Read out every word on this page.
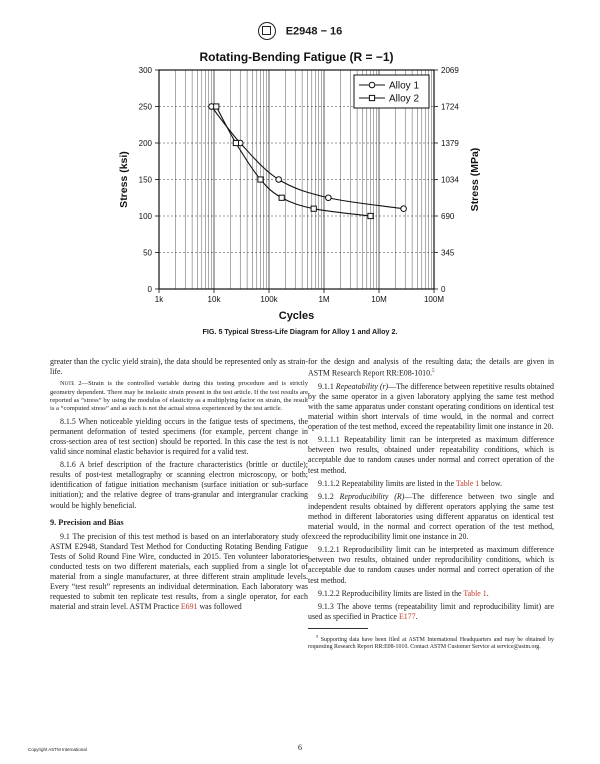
E2948 − 16
Rotating-Bending Fatigue (R = −1)
1k	10k	100k	1M	10M	100M
0	0
50	345
100	690
150	1034
200	1379
250	1724
300	2069
Cycles
Stress (ksi)	Stress (MPa)
Alloy 1
Alloy 2
FIG. 5 Typical Stress-Life Diagram for Alloy 1 and Alloy 2.

greater than the cyclic yield strain), the data should be represented only as strain-life.

Note 2—Strain is the controlled variable during this testing procedure and is strictly geometry dependent. There may be inelastic strain present in the test article. If the test results are reported as “stress” by using the modulus of elasticity as a multiplying factor on strain, the result is a “computed stress” and as such is not the actual stress experienced by the test article.

8.1.5 When noticeable yielding occurs in the fatigue tests of specimens, the permanent deformation of tested specimens (for example, percent change in cross-section area of test section) should be reported. In this case the test is not valid since nominal elastic behavior is required for a valid test.

8.1.6 A brief description of the fracture characteristics (brittle or ductile); results of post-test metallography or scanning electron microscopy, or both; identification of fatigue initiation mechanism (surface initiation or sub-surface initiation); and the relative degree of trans-granular and intergranular cracking would be highly beneficial.

9. Precision and Bias

9.1 The precision of this test method is based on an interlaboratory study of ASTM E2948, Standard Test Method for Conducting Rotating Bending Fatigue Tests of Solid Round Fine Wire, conducted in 2015. Ten volunteer laboratories conducted tests on two different materials, each supplied from a single lot of material from a single manufacturer, at three different strain amplitude levels. Every “test result” represents an individual determination. Each laboratory was requested to submit ten replicate test results, from a single operator, for each material and strain level. ASTM Practice E691 was followed

for the design and analysis of the resulting data; the details are given in ASTM Research Report RR:E08-1010.$^5$

9.1.1 Repeatability (r)—The difference between repetitive results obtained by the same operator in a given laboratory applying the same test method with the same apparatus under constant operating conditions on identical test material within short intervals of time would, in the normal and correct operation of the test method, exceed the repeatability limit one instance in 20.

9.1.1.1 Repeatability limit can be interpreted as maximum difference between two results, obtained under repeatability conditions, which is acceptable due to random causes under normal and correct operation of the test method.

9.1.1.2 Repeatability limits are listed in the Table 1 below.

9.1.2 Reproducibility (R)—The difference between two single and independent results obtained by different operators applying the same test method in different laboratories using different apparatus on identical test material would, in the normal and correct operation of the test method, exceed the reproducibility limit one instance in 20.

9.1.2.1 Reproducibility limit can be interpreted as maximum difference between two results, obtained under reproducibility conditions, which is acceptable due to random causes under normal and correct operation of the test method.

9.1.2.2 Reproducibility limits are listed in the Table 1.

9.1.3 The above terms (repeatability limit and reproducibility limit) are used as specified in Practice E177.

$^5$ Supporting data have been filed at ASTM International Headquarters and may be obtained by requesting Research Report RR:E08-1010. Contact ASTM Customer Service at service@astm.org.

Copyright ASTM International	6
